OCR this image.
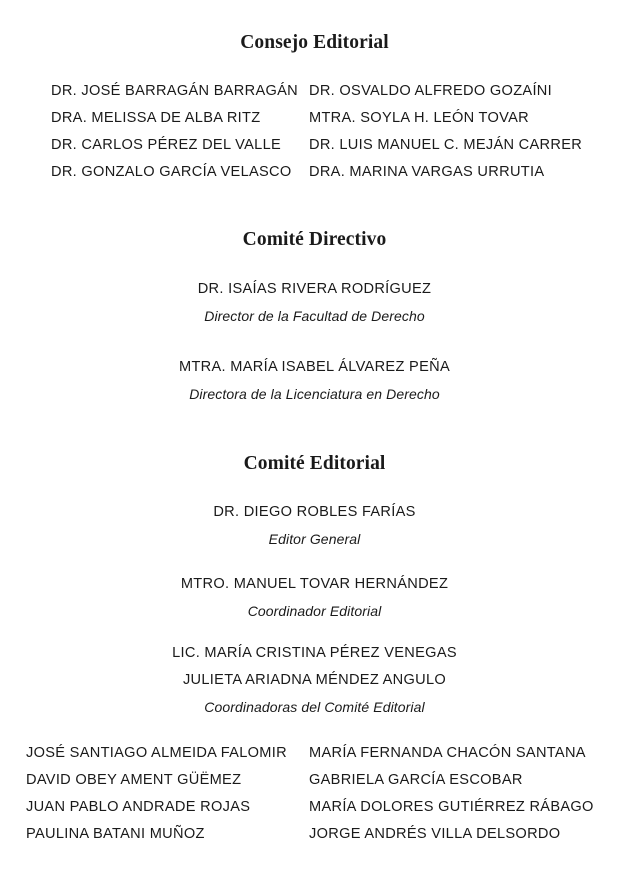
Consejo Editorial
DR. JOSÉ BARRAGÁN BARRAGÁN
DRA. MELISSA DE ALBA RITZ
DR. CARLOS PÉREZ DEL VALLE
DR. GONZALO GARCÍA VELASCO
DR. OSVALDO ALFREDO GOZAÍNI
MTRA. SOYLA H. LEÓN TOVAR
DR. LUIS MANUEL C. MEJÁN CARRER
DRA. MARINA VARGAS URRUTIA
Comité Directivo
DR. ISAÍAS RIVERA RODRÍGUEZ
Director de la Facultad de Derecho
MTRA. MARÍA ISABEL ÁLVAREZ PEÑA
Directora de la Licenciatura en Derecho
Comité Editorial
DR. DIEGO ROBLES FARÍAS
Editor General
MTRO. MANUEL TOVAR HERNÁNDEZ
Coordinador Editorial
LIC. MARÍA CRISTINA PÉREZ VENEGAS
JULIETA ARIADNA MÉNDEZ ANGULO
Coordinadoras del Comité Editorial
JOSÉ SANTIAGO ALMEIDA FALOMIR
DAVID OBEY AMENT GÜËMEZ
JUAN PABLO ANDRADE ROJAS
PAULINA BATANI MUÑOZ
MARÍA FERNANDA CHACÓN SANTANA
GABRIELA GARCÍA ESCOBAR
MARÍA DOLORES GUTIÉRREZ RÁBAGO
JORGE ANDRÉS VILLA DELSORDO
